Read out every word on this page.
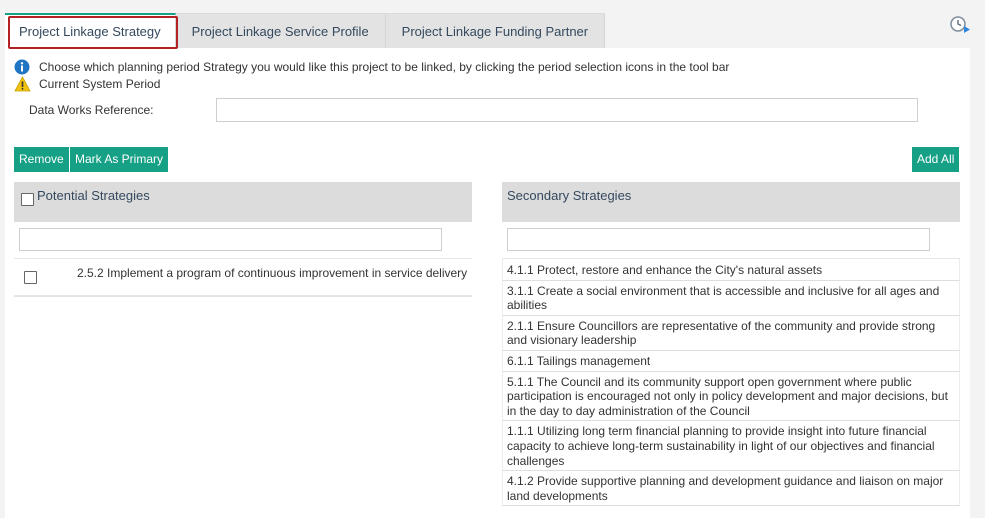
Project Linkage Strategy	Project Linkage Service Profile	Project Linkage Funding Partner
Choose which planning period Strategy you would like this project to be linked, by clicking the period selection icons in the tool bar
Current System Period
Data Works Reference:
Remove Mark As Primary	Add All
Potential Strategies
2.5.2 Implement a program of continuous improvement in service delivery
Secondary Strategies
4.1.1 Protect, restore and enhance the City's natural assets
3.1.1 Create a social environment that is accessible and inclusive for all ages and abilities
2.1.1 Ensure Councillors are representative of the community and provide strong and visionary leadership
6.1.1 Tailings management
5.1.1 The Council and its community support open government where public participation is encouraged not only in policy development and major decisions, but in the day to day administration of the Council
1.1.1 Utilizing long term financial planning to provide insight into future financial capacity to achieve long-term sustainability in light of our objectives and financial challenges
4.1.2 Provide supportive planning and development guidance and liaison on major land developments
